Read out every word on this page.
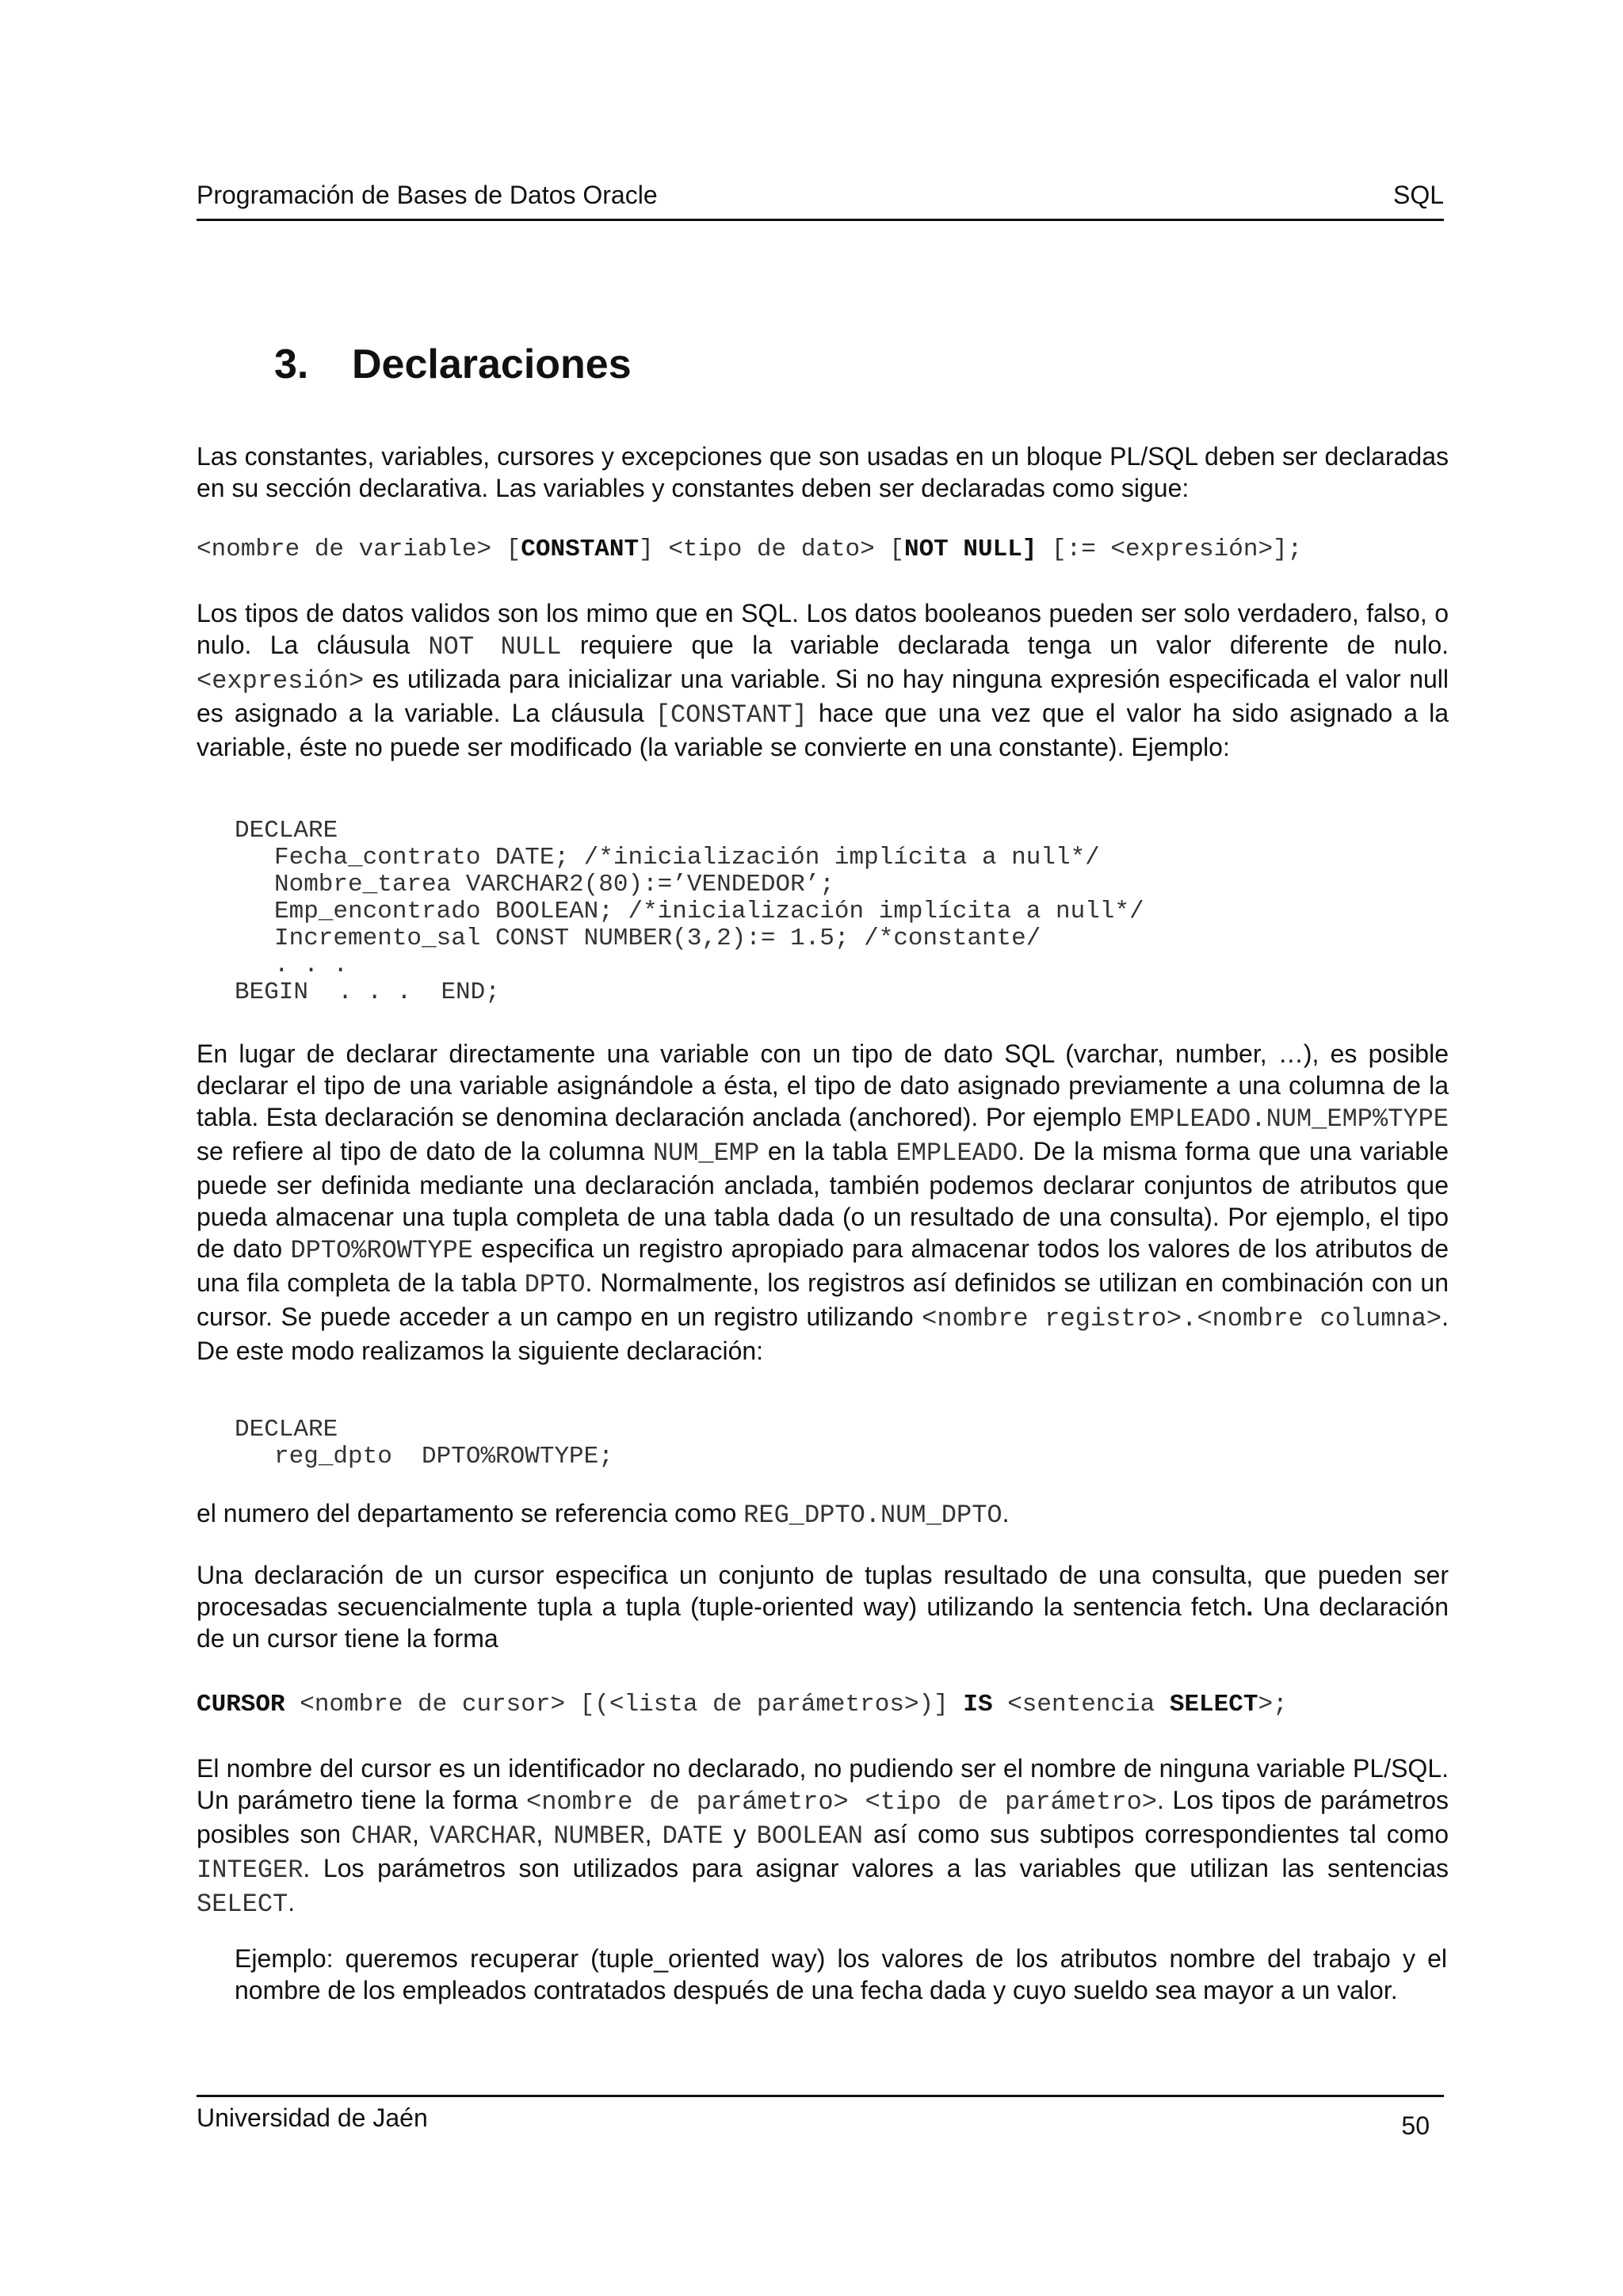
Programación de Bases de Datos Oracle	SQL
3. Declaraciones
Las constantes, variables, cursores y excepciones que son usadas en un bloque PL/SQL deben ser declaradas en su sección declarativa. Las variables y constantes deben ser declaradas como sigue:
<nombre de variable> [CONSTANT] <tipo de dato> [NOT NULL] [:= <expresión>];
Los tipos de datos validos son los mimo que en SQL. Los datos booleanos pueden ser solo verdadero, falso, o nulo. La cláusula NOT NULL requiere que la variable declarada tenga un valor diferente de nulo. <expresión> es utilizada para inicializar una variable. Si no hay ninguna expresión especificada el valor null es asignado a la variable. La cláusula [CONSTANT] hace que una vez que el valor ha sido asignado a la variable, éste no puede ser modificado (la variable se convierte en una constante). Ejemplo:
DECLARE
Fecha_contrato DATE; /*inicialización implícita a null*/
Nombre_tarea VARCHAR2(80):=’VENDEDOR’;
Emp_encontrado BOOLEAN; /*inicialización implícita a null*/
Incremento_sal CONST NUMBER(3,2):= 1.5; /*constante/
. . .
BEGIN  . . .  END;
En lugar de declarar directamente una variable con un tipo de dato SQL (varchar, number, …), es posible declarar el tipo de una variable asignándole a ésta, el tipo de dato asignado previamente a una columna de la tabla. Esta declaración se denomina declaración anclada (anchored). Por ejemplo EMPLEADO.NUM_EMP%TYPE se refiere al tipo de dato de la columna NUM_EMP en la tabla EMPLEADO. De la misma forma que una variable puede ser definida mediante una declaración anclada, también podemos declarar conjuntos de atributos que pueda almacenar una tupla completa de una tabla dada (o un resultado de una consulta). Por ejemplo, el tipo de dato DPTO%ROWTYPE especifica un registro apropiado para almacenar todos los valores de los atributos de una fila completa de la tabla DPTO. Normalmente, los registros así definidos se utilizan en combinación con un cursor. Se puede acceder a un campo en un registro utilizando <nombre registro>.<nombre columna>. De este modo realizamos la siguiente declaración:
DECLARE
reg_dpto  DPTO%ROWTYPE;
el numero del departamento se referencia como REG_DPTO.NUM_DPTO.
Una declaración de un cursor especifica un conjunto de tuplas resultado de una consulta, que pueden ser procesadas secuencialmente tupla a tupla (tuple-oriented way) utilizando la sentencia fetch. Una declaración de un cursor tiene la forma
CURSOR <nombre de cursor> [(<lista de parámetros>)] IS <sentencia SELECT>;
El nombre del cursor es un identificador no declarado, no pudiendo ser el nombre de ninguna variable PL/SQL. Un parámetro tiene la forma <nombre de parámetro> <tipo de parámetro>. Los tipos de parámetros posibles son CHAR, VARCHAR, NUMBER, DATE y BOOLEAN así como sus subtipos correspondientes tal como INTEGER. Los parámetros son utilizados para asignar valores a las variables que utilizan las sentencias SELECT.
Ejemplo: queremos recuperar (tuple_oriented way) los valores de los atributos nombre del trabajo y el nombre de los empleados contratados después de una fecha dada y cuyo sueldo sea mayor a un valor.
Universidad de Jaén	50
